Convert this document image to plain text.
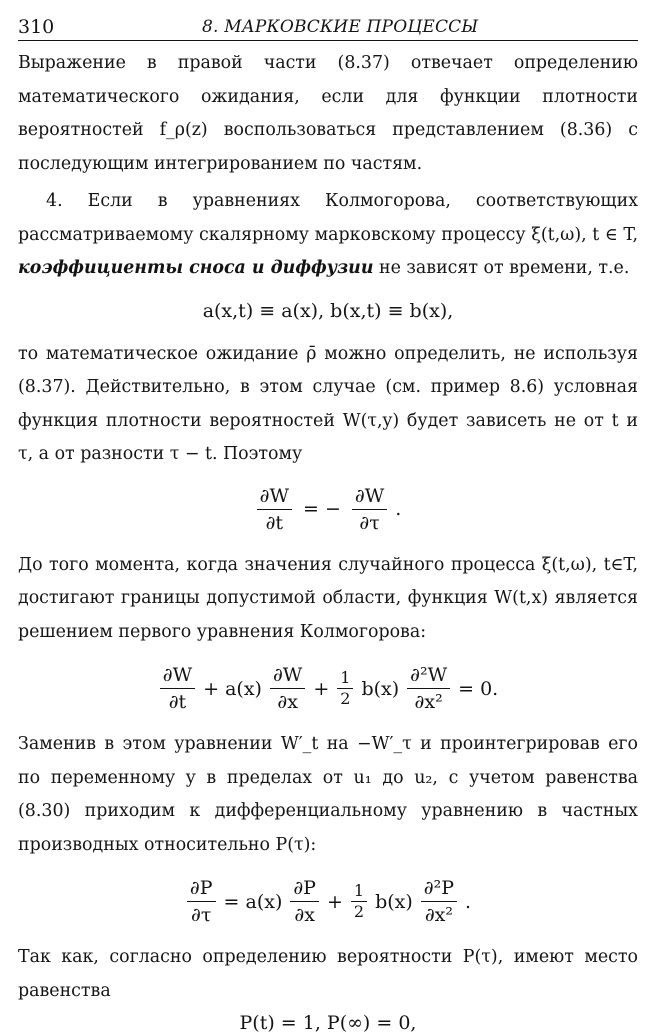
310	8. МАРКОВСКИЕ ПРОЦЕССЫ

Выражение в правой части (8.37) отвечает определению математического ожидания, если для функции плотности вероятностей f_ρ(z) воспользоваться представлением (8.36) с последующим интегрированием по частям.

4. Если в уравнениях Колмогорова, соответствующих рассматриваемому скалярному марковскому процессу ξ(t,ω), t ∈ T, коэффициенты сноса и диффузии не зависят от времени, т.е.

a(x,t) ≡ a(x), b(x,t) ≡ b(x),

то математическое ожидание ρ̄ можно определить, не используя (8.37). Действительно, в этом случае (см. пример 8.6) условная функция плотности вероятностей W(τ,y) будет зависеть не от t и τ, а от разности τ − t. Поэтому

$\frac{\partial W}{\partial t}$ = − $\frac{\partial W}{\partial\tau}$ .

До того момента, когда значения случайного процесса ξ(t,ω), t∈T, достигают границы допустимой области, функция W(t,x) является решением первого уравнения Колмогорова:

$\frac{\partial W}{\partial t} + a(x) \frac{\partial W}{\partial x} + \frac{1}{2} b(x) \frac{\text{∂²W}}{\text{∂x²}} = 0$.

Заменив в этом уравнении W′_t на −W′_τ и проинтегрировав его по переменному y в пределах от u₁ до u₂, с учетом равенства (8.30) приходим к дифференциальному уравнению в частных производных относительно P(τ):

$\frac{\partial P}{\partial\tau} = a(x) \frac{\partial P}{\partial x} + \frac{1}{2} b(x) \frac{\text{∂²P}}{\text{∂x²}}$ .

Так как, согласно определению вероятности P(τ), имеют место равенства

P(t) = 1, P(∞) = 0,
